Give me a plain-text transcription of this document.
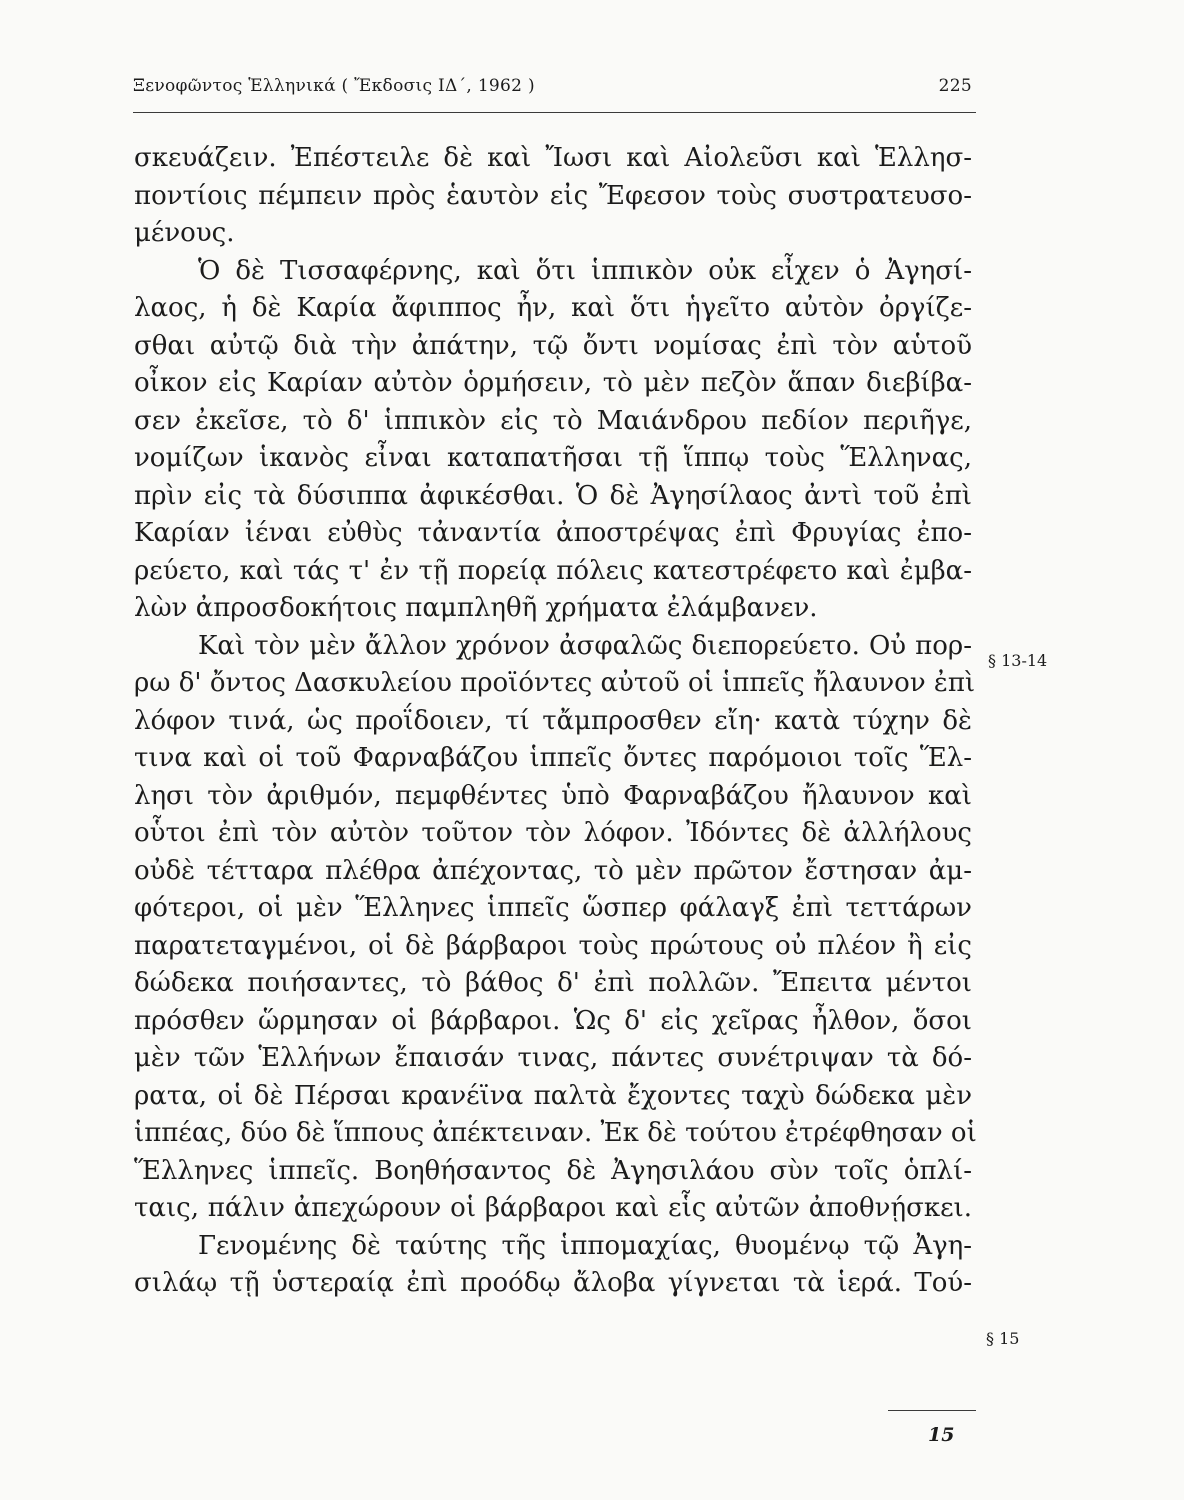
Ξενοφῶντος Ἑλληνικά ( Ἔκδοσις ΙΔ΄, 1962 )	225
σκευάζειν. Ἐπέστειλε δὲ καὶ Ἴωσι καὶ Αἰολεῦσι καὶ Ἑλλησ-
ποντίοις πέμπειν πρὸς ἑαυτὸν εἰς Ἔφεσον τοὺς συστρατευσο-
μένους.
Ὁ δὲ Τισσαφέρνης, καὶ ὅτι ἱππικὸν οὐκ εἶχεν ὁ Ἀγησί-
λαος, ἡ δὲ Καρία ἄφιππος ἦν, καὶ ὅτι ἡγεῖτο αὐτὸν ὀργίζε-
σθαι αὐτῷ διὰ τὴν ἀπάτην, τῷ ὄντι νομίσας ἐπὶ τὸν αὑτοῦ
οἶκον εἰς Καρίαν αὐτὸν ὁρμήσειν, τὸ μὲν πεζὸν ἅπαν διεβίβα-
σεν ἐκεῖσε, τὸ δ' ἱππικὸν εἰς τὸ Μαιάνδρου πεδίον περιῆγε,
νομίζων ἱκανὸς εἶναι καταπατῆσαι τῇ ἵππῳ τοὺς Ἕλληνας,
πρὶν εἰς τὰ δύσιππα ἀφικέσθαι. Ὁ δὲ Ἀγησίλαος ἀντὶ τοῦ ἐπὶ
Καρίαν ἰέναι εὐθὺς τἀναντία ἀποστρέψας ἐπὶ Φρυγίας ἐπο-
ρεύετο, καὶ τάς τ' ἐν τῇ πορείᾳ πόλεις κατεστρέφετο καὶ ἐμβα-
λὼν ἀπροσδοκήτοις παμπληθῆ χρήματα ἐλάμβανεν.
Καὶ τὸν μὲν ἄλλον χρόνον ἀσφαλῶς διεπορεύετο. Οὐ πορ-
ρω δ' ὄντος Δασκυλείου προϊόντες αὐτοῦ οἱ ἱππεῖς ἤλαυνον ἐπὶ
λόφον τινά, ὡς προΐδοιεν, τί τἄμπροσθεν εἴη· κατὰ τύχην δὲ
τινα καὶ οἱ τοῦ Φαρναβάζου ἱππεῖς ὄντες παρόμοιοι τοῖς Ἕλ-
λησι τὸν ἀριθμόν, πεμφθέντες ὑπὸ Φαρναβάζου ἤλαυνον καὶ
οὗτοι ἐπὶ τὸν αὐτὸν τοῦτον τὸν λόφον. Ἰδόντες δὲ ἀλλήλους
οὐδὲ τέτταρα πλέθρα ἀπέχοντας, τὸ μὲν πρῶτον ἔστησαν ἀμ-
φότεροι, οἱ μὲν Ἕλληνες ἱππεῖς ὥσπερ φάλαγξ ἐπὶ τεττάρων
παρατεταγμένοι, οἱ δὲ βάρβαροι τοὺς πρώτους οὐ πλέον ἢ εἰς
δώδεκα ποιήσαντες, τὸ βάθος δ' ἐπὶ πολλῶν. Ἔπειτα μέντοι
πρόσθεν ὥρμησαν οἱ βάρβαροι. Ὡς δ' εἰς χεῖρας ἦλθον, ὅσοι
μὲν τῶν Ἑλλήνων ἔπαισάν τινας, πάντες συνέτριψαν τὰ δό-
ρατα, οἱ δὲ Πέρσαι κρανέϊνα παλτὰ ἔχοντες ταχὺ δώδεκα μὲν
ἱππέας, δύο δὲ ἵππους ἀπέκτειναν. Ἐκ δὲ τούτου ἐτρέφθησαν οἱ
Ἕλληνες ἱππεῖς. Βοηθήσαντος δὲ Ἀγησιλάου σὺν τοῖς ὁπλί-
ταις, πάλιν ἀπεχώρουν οἱ βάρβαροι καὶ εἷς αὐτῶν ἀποθνῄσκει.
Γενομένης δὲ ταύτης τῆς ἱππομαχίας, θυομένῳ τῷ Ἀγη-
σιλάῳ τῇ ὑστεραίᾳ ἐπὶ προόδῳ ἄλοβα γίγνεται τὰ ἱερά. Τού-
§ 13-14
§ 15
15
